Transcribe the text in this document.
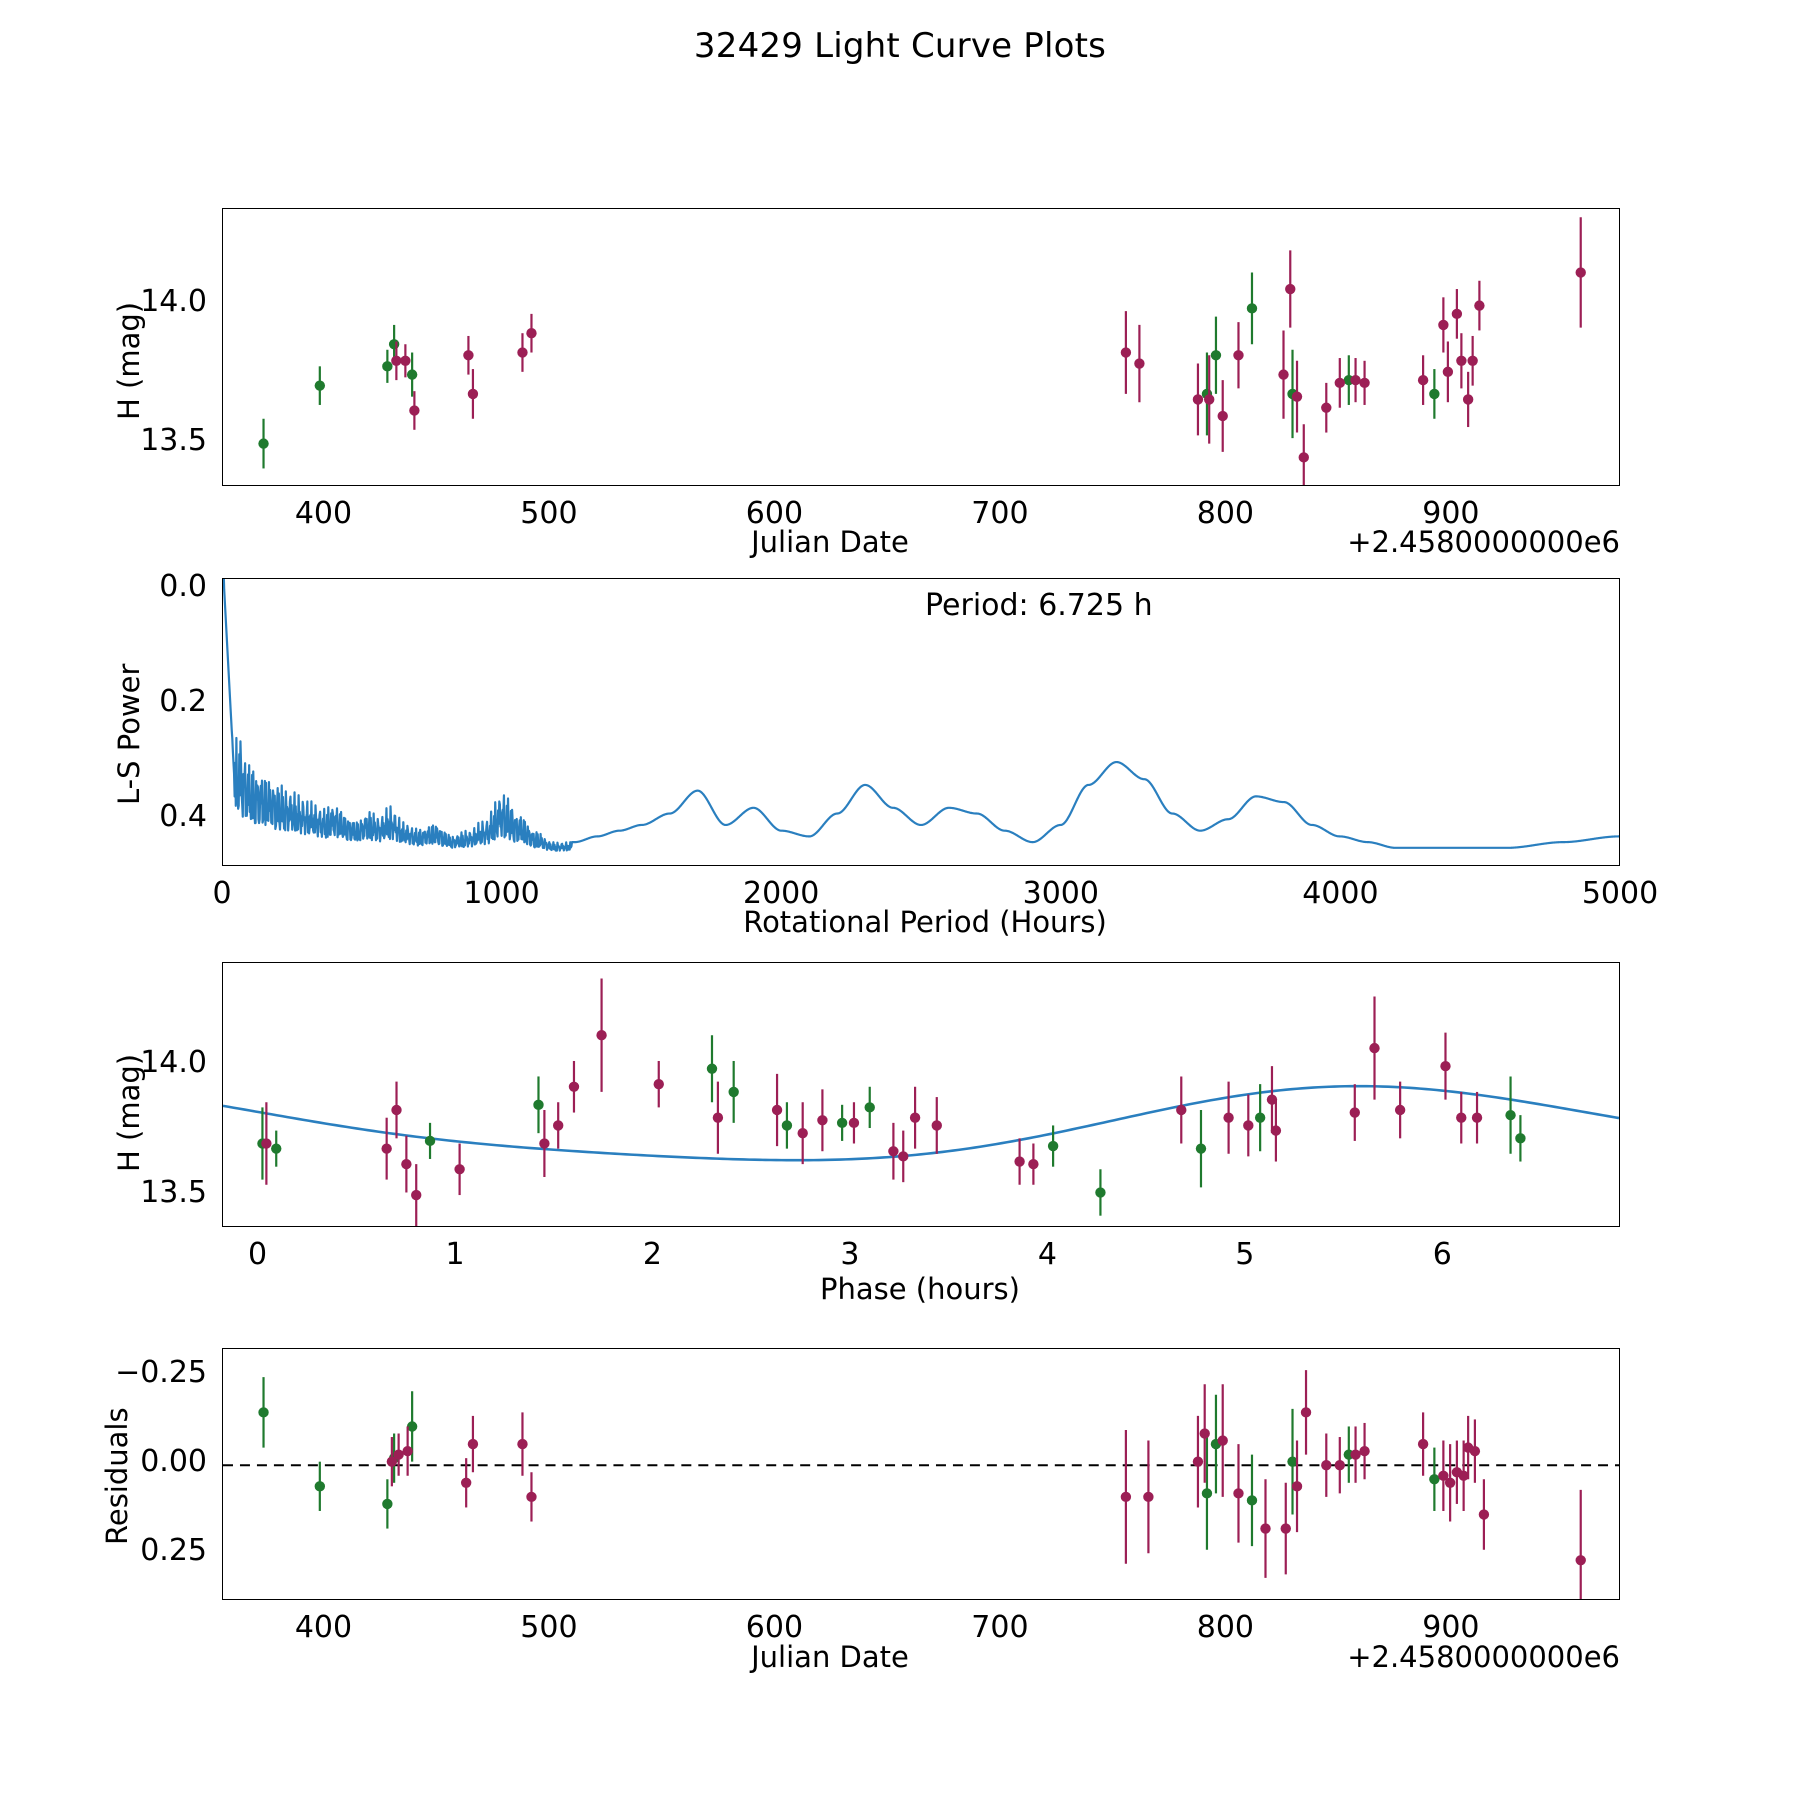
32429 Light Curve Plots
H (mag)
Julian Date	+2.4580000000e6
400	500	600	700	800	900
14.0
13.5
Period: 6.725 h
L-S Power
Rotational Period (Hours)
0	1000	2000	3000	4000	5000
0.0
0.2
0.4
H (mag)
Phase (hours)
0	1	2	3	4	5	6
14.0
13.5
Residuals
Julian Date	+2.4580000000e6
400	500	600	700	800	900
0.25
0.00
−0.25
